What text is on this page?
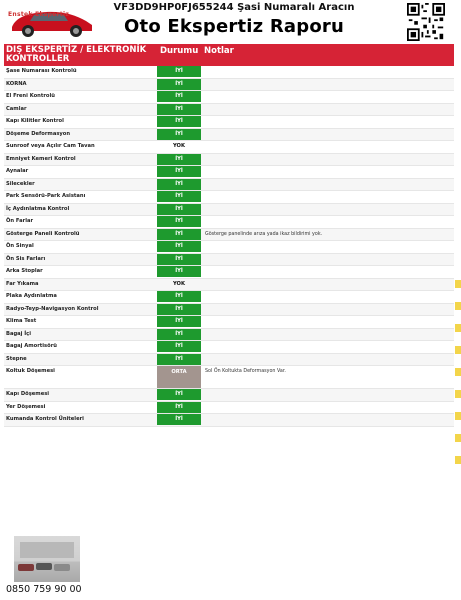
Enstek Ekspertiz
VF3DD9HP0FJ655244 Şasi Numaralı Aracın
Oto Ekspertiz Raporu
DIŞ EKSPERTİZ / ELEKTRONİK KONTROLLER
Durumu Notlar
Şase Numarası Kontrolü	İYİ
KORNA	İYİ
El Freni Kontrolü	İYİ
Camlar	İYİ
Kapı Kilitler Kontrol	İYİ
Döşeme Deformasyon	İYİ
Sunroof veya Açılır Cam Tavan	YOK
Emniyet Kemeri Kontrol	İYİ
Aynalar	İYİ
Silecekler	İYİ
Park Sensörü-Park Asistanı	İYİ
İç Aydınlatma Kontrol	İYİ
Ön Farlar	İYİ
Gösterge Paneli Kontrolü	İYİ	Gösterge panelinde arıza yada ikaz bildirimi yok.
Ön Sinyal	İYİ
Ön Sis Farları	İYİ
Arka Stoplar	İYİ
Far Yıkama	YOK
Plaka Aydınlatma	İYİ
Radyo-Teyp-Navigasyon Kontrol	İYİ
Klima Test	İYİ
Bagaj İçi	İYİ
Bagaj Amortisörü	İYİ
Stepne	İYİ
Koltuk Döşemesi	ORTA	Sol Ön Koltukta Deformasyon Var.
Kapı Döşemesi	İYİ
Yer Döşemesi	İYİ
Kumanda Kontrol Üniteleri	İYİ
0850 759 90 00
